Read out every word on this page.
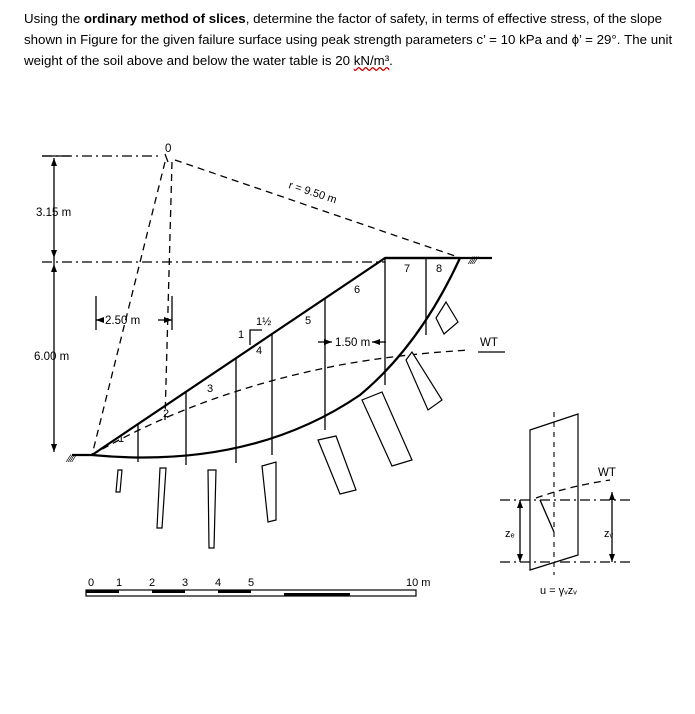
Using the ordinary method of slices, determine the factor of safety, in terms of effective stress, of the slope shown in Figure for the given failure surface using peak strength parameters c’ = 10 kPa and ϕ’ = 29°. The unit weight of the soil above and below the water table is 20 kN/m³.
0
r = 9.50 m
3.15 m
6.00 m
2.50 m
⁄⁄⁄⁄
⁄⁄⁄⁄
WT
1.50 m
1
2
3
4
5
6
7 8
1
1½
WT
zₑ	zᵥ
u = γᵥzᵥ
0 1 2 3 4 5	10 m
